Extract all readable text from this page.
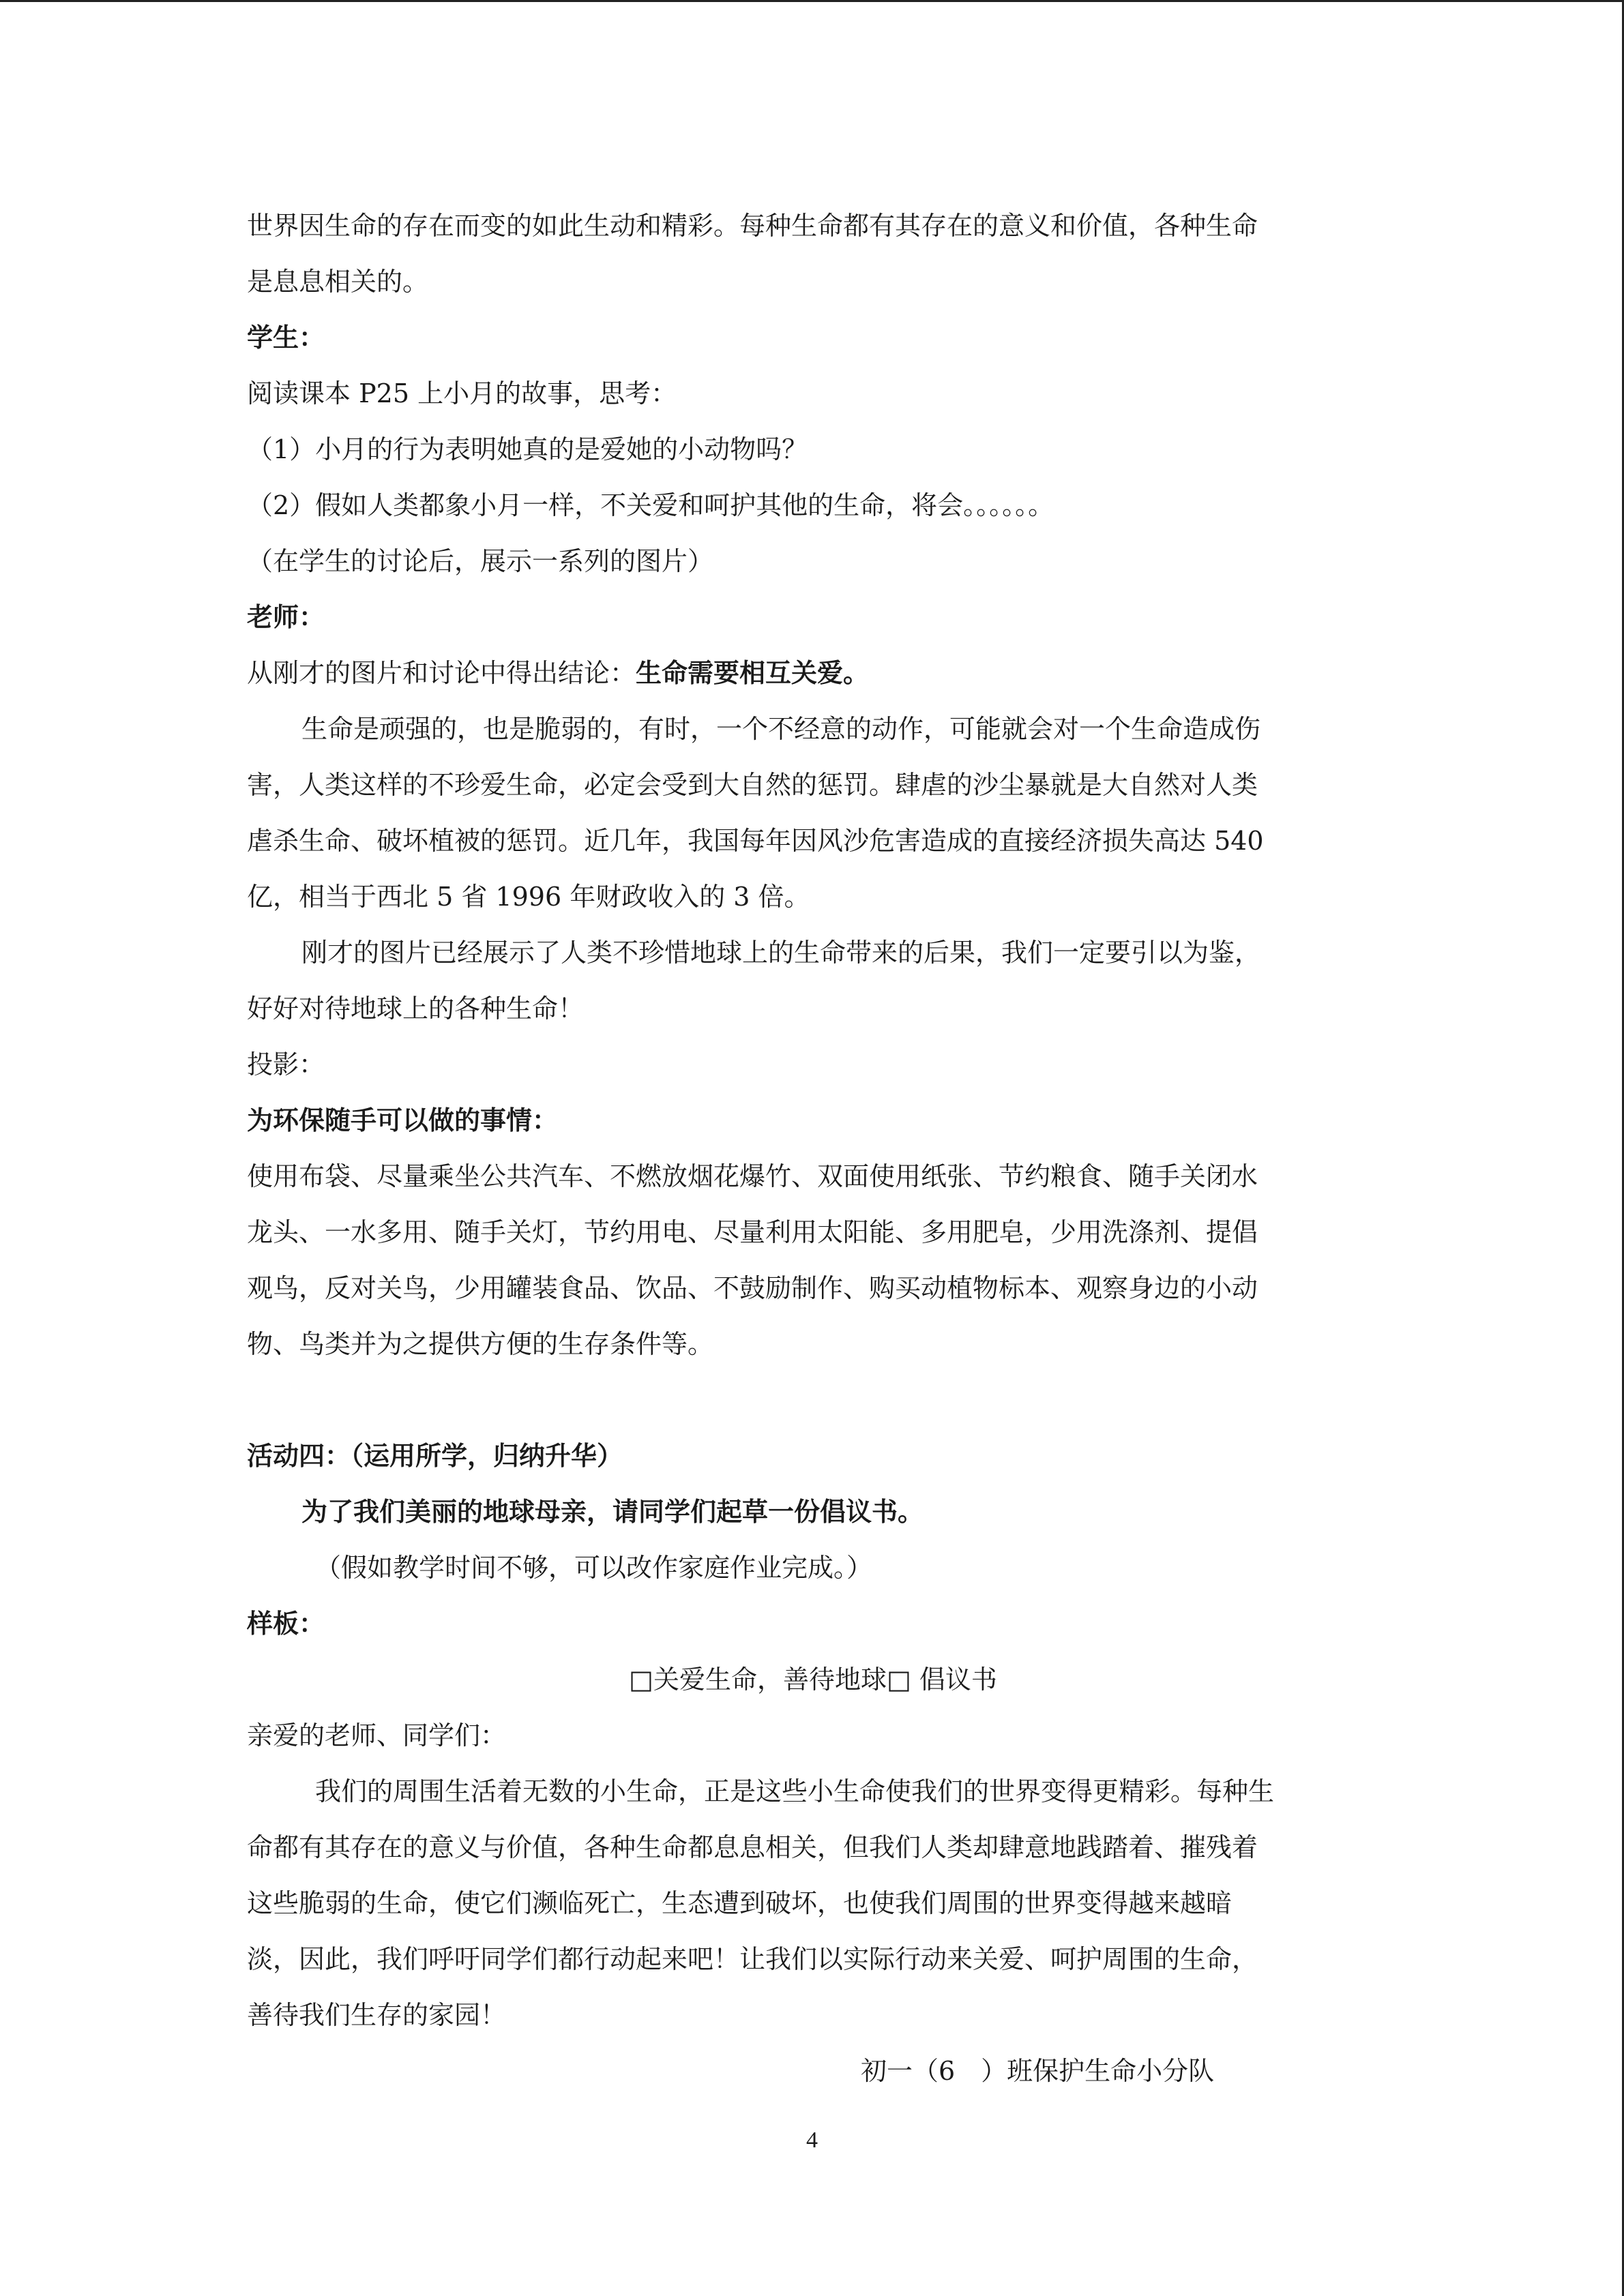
世界因生命的存在而变的如此生动和精彩。每种生命都有其存在的意义和价值，各种生命
是息息相关的。
学生：
阅读课本 P25 上小月的故事，思考：
（1）小月的行为表明她真的是爱她的小动物吗？
（2）假如人类都象小月一样，不关爱和呵护其他的生命，将会。。。。。。
（在学生的讨论后，展示一系列的图片）
老师：
从刚才的图片和讨论中得出结论：生命需要相互关爱。
生命是顽强的，也是脆弱的，有时，一个不经意的动作，可能就会对一个生命造成伤
害，人类这样的不珍爱生命，必定会受到大自然的惩罚。肆虐的沙尘暴就是大自然对人类
虐杀生命、破坏植被的惩罚。近几年，我国每年因风沙危害造成的直接经济损失高达 540
亿，相当于西北 5 省 1996 年财政收入的 3 倍。
刚才的图片已经展示了人类不珍惜地球上的生命带来的后果，我们一定要引以为鉴，
好好对待地球上的各种生命！
投影：
为环保随手可以做的事情：
使用布袋、尽量乘坐公共汽车、不燃放烟花爆竹、双面使用纸张、节约粮食、随手关闭水
龙头、一水多用、随手关灯，节约用电、尽量利用太阳能、多用肥皂，少用洗涤剂、提倡
观鸟，反对关鸟，少用罐装食品、饮品、不鼓励制作、购买动植物标本、观察身边的小动
物、鸟类并为之提供方便的生存条件等。
活动四：（运用所学，归纳升华）
为了我们美丽的地球母亲，请同学们起草一份倡议书。
（假如教学时间不够，可以改作家庭作业完成。）
样板：
□关爱生命，善待地球□ 倡议书
亲爱的老师、同学们：
我们的周围生活着无数的小生命，正是这些小生命使我们的世界变得更精彩。每种生
命都有其存在的意义与价值，各种生命都息息相关，但我们人类却肆意地践踏着、摧残着
这些脆弱的生命，使它们濒临死亡，生态遭到破坏，也使我们周围的世界变得越来越暗
淡，因此，我们呼吁同学们都行动起来吧！让我们以实际行动来关爱、呵护周围的生命，
善待我们生存的家园！
初一（6　）班保护生命小分队
4
